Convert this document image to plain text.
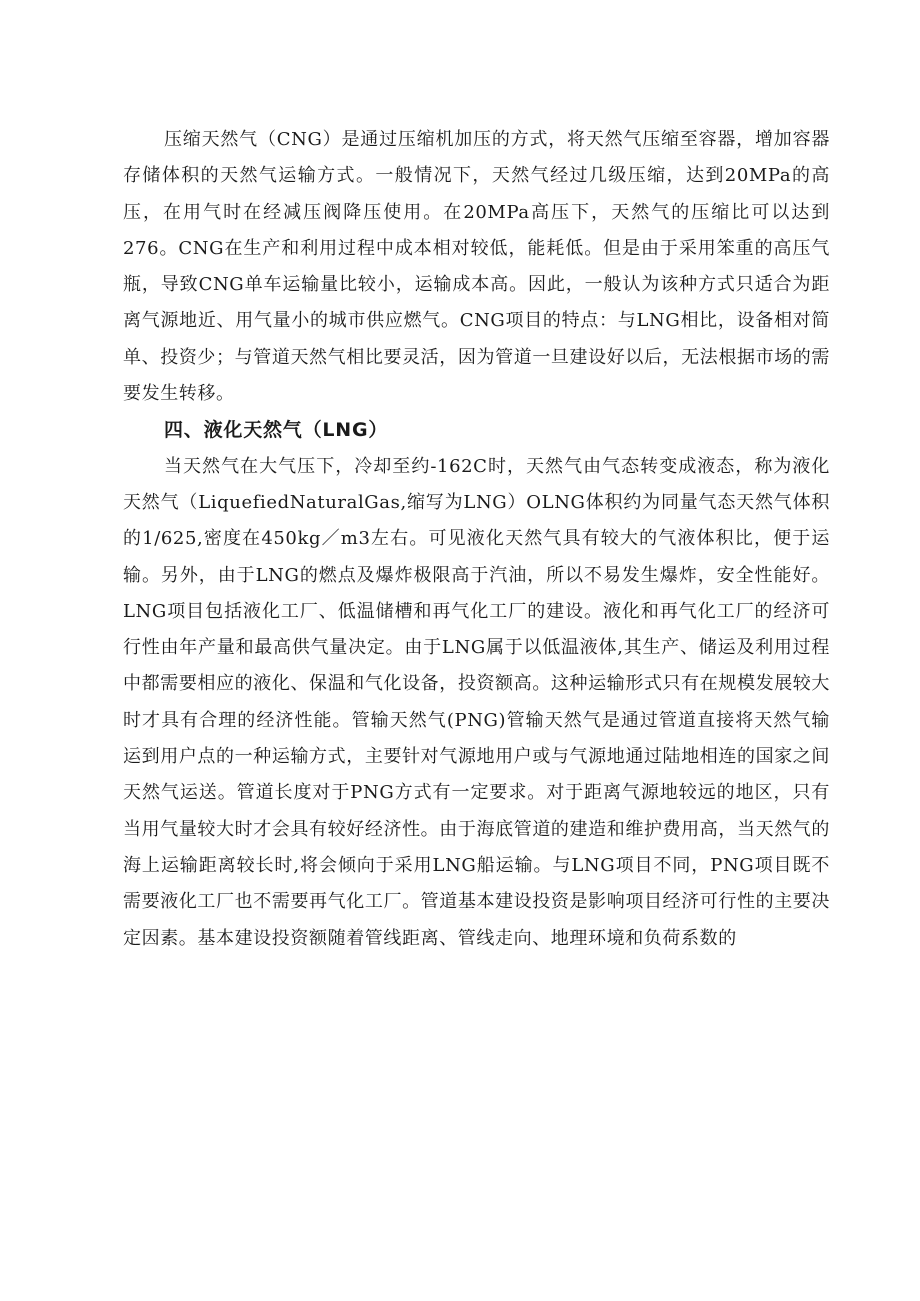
压缩天然气（CNG）是通过压缩机加压的方式，将天然气压缩至容器，增加容器存储体积的天然气运输方式。一般情况下，天然气经过几级压缩，达到20MPa的高压，在用气时在经减压阀降压使用。在20MPa高压下，天然气的压缩比可以达到276。CNG在生产和利用过程中成本相对较低，能耗低。但是由于采用笨重的高压气瓶，导致CNG单车运输量比较小，运输成本高。因此，一般认为该种方式只适合为距离气源地近、用气量小的城市供应燃气。CNG项目的特点：与LNG相比，设备相对简单、投资少；与管道天然气相比要灵活，因为管道一旦建设好以后，无法根据市场的需要发生转移。

四、液化天然气（LNG）

当天然气在大气压下，冷却至约-162C时，天然气由气态转变成液态，称为液化天然气（LiquefiedNaturalGas,缩写为LNG）OLNG体积约为同量气态天然气体积的1/625,密度在450kg／m3左右。可见液化天然气具有较大的气液体积比，便于运输。另外，由于LNG的燃点及爆炸极限高于汽油，所以不易发生爆炸，安全性能好。LNG项目包括液化工厂、低温储槽和再气化工厂的建设。液化和再气化工厂的经济可行性由年产量和最高供气量决定。由于LNG属于以低温液体,其生产、储运及利用过程中都需要相应的液化、保温和气化设备，投资额高。这种运输形式只有在规模发展较大时才具有合理的经济性能。管输天然气(PNG)管输天然气是通过管道直接将天然气输运到用户点的一种运输方式，主要针对气源地用户或与气源地通过陆地相连的国家之间天然气运送。管道长度对于PNG方式有一定要求。对于距离气源地较远的地区，只有当用气量较大时才会具有较好经济性。由于海底管道的建造和维护费用高，当天然气的海上运输距离较长时,将会倾向于采用LNG船运输。与LNG项目不同，PNG项目既不需要液化工厂也不需要再气化工厂。管道基本建设投资是影响项目经济可行性的主要决定因素。基本建设投资额随着管线距离、管线走向、地理环境和负荷系数的
